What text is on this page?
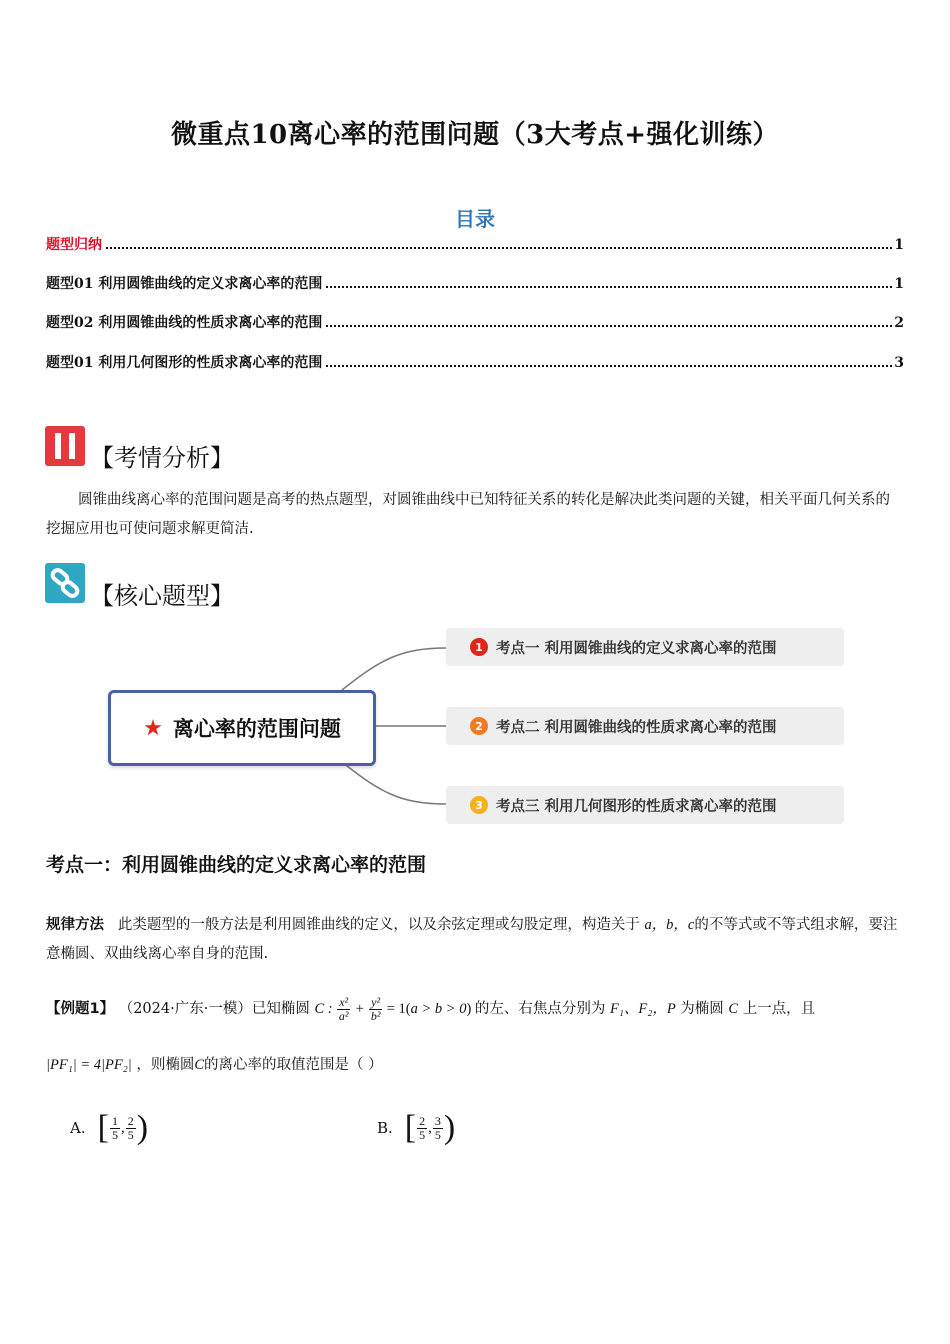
微重点10离心率的范围问题（3大考点+强化训练）
目录
题型归纳	1
题型01 利用圆锥曲线的定义求离心率的范围	1
题型02 利用圆锥曲线的性质求离心率的范围	2
题型01 利用几何图形的性质求离心率的范围	3
【考情分析】
圆锥曲线离心率的范围问题是高考的热点题型，对圆锥曲线中已知特征关系的转化是解决此类问题的关键，相关平面几何关系的挖掘应用也可使问题求解更简洁.
【核心题型】
★ 离心率的范围问题
1 考点一 利用圆锥曲线的定义求离心率的范围
2 考点二 利用圆锥曲线的性质求离心率的范围
3 考点三 利用几何图形的性质求离心率的范围
考点一：利用圆锥曲线的定义求离心率的范围
规律方法 此类题型的一般方法是利用圆锥曲线的定义，以及余弦定理或勾股定理，构造关于 a，b，c的不等式或不等式组求解，要注意椭圆、双曲线离心率自身的范围.
【例题1】 （2024·广东·一模）已知椭圆 C : $\frac{\text{x²}}{\text{a²}} + \frac{\text{y²}}{\text{b²}} = 1(a > b > 0)$ 的左、右焦点分别为 F₁、F₂，P 为椭圆 C 上一点，且
|PF₁| = 4|PF₂| ，则椭圆C的离心率的取值范围是（ ）
A. [ $\frac{1}{5}$ , $\frac{2}{5}$ )	B. [ $\frac{2}{5}$ , $\frac{3}{5}$ )
